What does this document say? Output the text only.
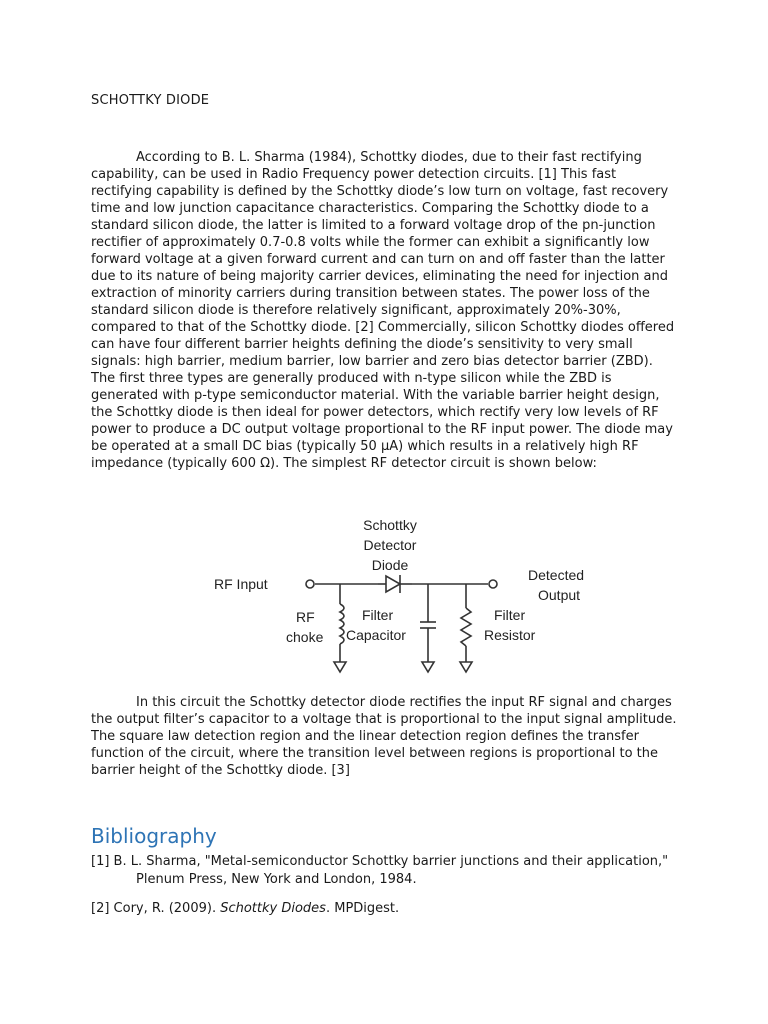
SCHOTTKY DIODE

According to B. L. Sharma (1984), Schottky diodes, due to their fast rectifying capability, can be used in Radio Frequency power detection circuits. [1] This fast rectifying capability is defined by the Schottky diode’s low turn on voltage, fast recovery time and low junction capacitance characteristics. Comparing the Schottky diode to a standard silicon diode, the latter is limited to a forward voltage drop of the pn-junction rectifier of approximately 0.7-0.8 volts while the former can exhibit a significantly low forward voltage at a given forward current and can turn on and off faster than the latter due to its nature of being majority carrier devices, eliminating the need for injection and extraction of minority carriers during transition between states. The power loss of the standard silicon diode is therefore relatively significant, approximately 20%-30%, compared to that of the Schottky diode. [2] Commercially, silicon Schottky diodes offered can have four different barrier heights defining the diode’s sensitivity to very small signals: high barrier, medium barrier, low barrier and zero bias detector barrier (ZBD). The first three types are generally produced with n-type silicon while the ZBD is generated with p-type semiconductor material. With the variable barrier height design, the Schottky diode is then ideal for power detectors, which rectify very low levels of RF power to produce a DC output voltage proportional to the RF input power. The diode may be operated at a small DC bias (typically 50 µA) which results in a relatively high RF impedance (typically 600 Ω). The simplest RF detector circuit is shown below:

Schottky
Detector
Diode
RF Input
Detected
Output
RF
choke
Filter
Capacitor
Filter
Resistor

In this circuit the Schottky detector diode rectifies the input RF signal and charges the output filter’s capacitor to a voltage that is proportional to the input signal amplitude. The square law detection region and the linear detection region defines the transfer function of the circuit, where the transition level between regions is proportional to the barrier height of the Schottky diode. [3]

Bibliography

[1] B. L. Sharma, "Metal-semiconductor Schottky barrier junctions and their application," Plenum Press, New York and London, 1984.

[2] Cory, R. (2009). Schottky Diodes. MPDigest.
